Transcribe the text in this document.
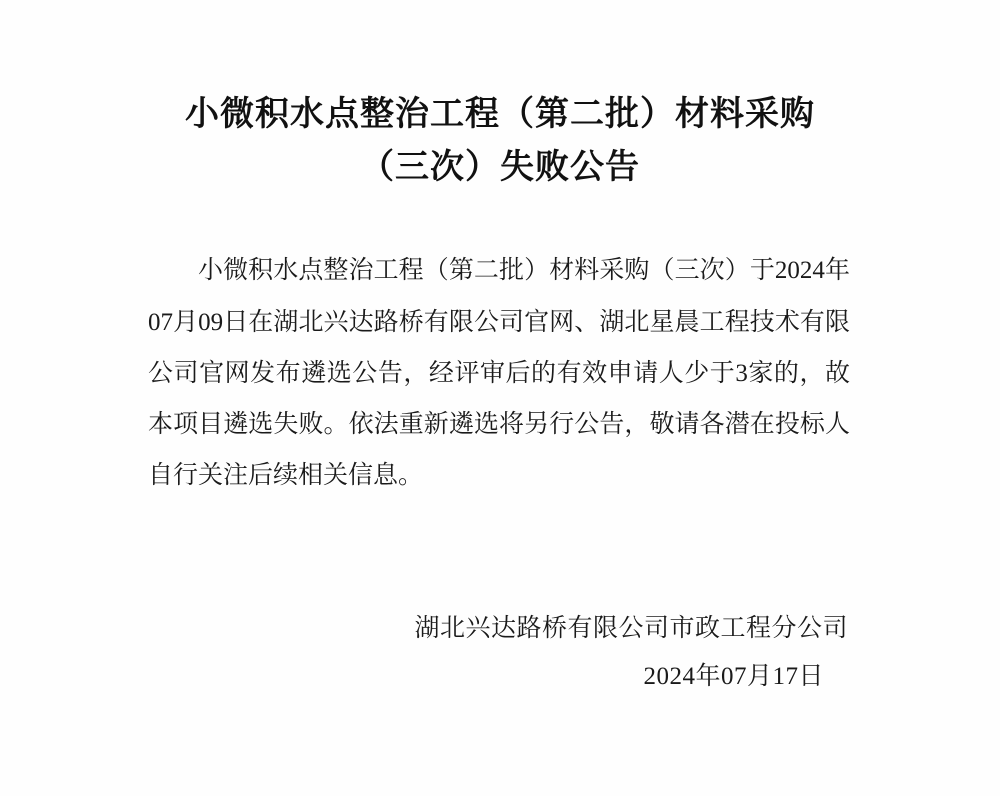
小微积水点整治工程（第二批）材料采购
（三次）失败公告

小微积水点整治工程（第二批）材料采购（三次）于2024年07月09日在湖北兴达路桥有限公司官网、湖北星晨工程技术有限公司官网发布遴选公告，经评审后的有效申请人少于3家的，故本项目遴选失败。依法重新遴选将另行公告，敬请各潜在投标人自行关注后续相关信息。

湖北兴达路桥有限公司市政工程分公司
2024年07月17日
